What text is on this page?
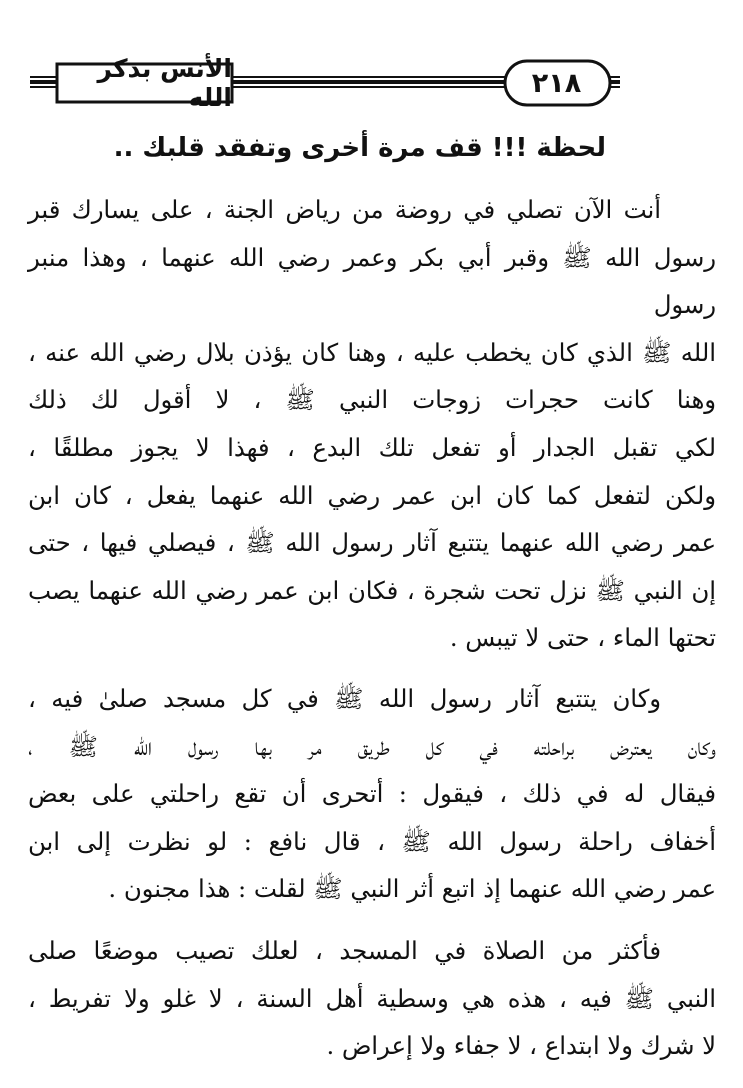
الأنس بذكر الله	٢١٨
لحظة !!! قف مرة أخرى وتفقد قلبك ..
أنت الآن تصلي في روضة من رياض الجنة ، على يسارك قبر
رسول الله ﷺ وقبر أبي بكر وعمر رضي الله عنهما ، وهذا منبر رسول
الله ﷺ الذي كان يخطب عليه ، وهنا كان يؤذن بلال رضي الله عنه ،
وهنا كانت حجرات زوجات النبي ﷺ ، لا أقول لك ذلك
لكي تقبل الجدار أو تفعل تلك البدع ، فهذا لا يجوز مطلقًا ،
ولكن لتفعل كما كان ابن عمر رضي الله عنهما يفعل ، كان ابن
عمر رضي الله عنهما يتتبع آثار رسول الله ﷺ ، فيصلي فيها ، حتى
إن النبي ﷺ نزل تحت شجرة ، فكان ابن عمر رضي الله عنهما يصب
تحتها الماء ، حتى لا تيبس .
وكان يتتبع آثار رسول الله ﷺ في كل مسجد صلىٰ فيه ،
وكان يعترض براحلته في كل طريق مر بها رسول الله ﷺ ،
فيقال له في ذلك ، فيقول : أتحرى أن تقع راحلتي على بعض
أخفاف راحلة رسول الله ﷺ ، قال نافع : لو نظرت إلى ابن
عمر رضي الله عنهما إذ اتبع أثر النبي ﷺ لقلت : هذا مجنون .
فأكثر من الصلاة في المسجد ، لعلك تصيب موضعًا صلى
النبي ﷺ فيه ، هذه هي وسطية أهل السنة ، لا غلو ولا تفريط ،
لا شرك ولا ابتداع ، لا جفاء ولا إعراض .
